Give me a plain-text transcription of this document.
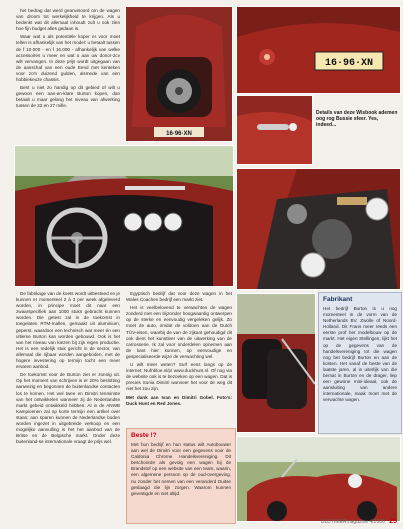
het bedrag dat werd geanvisoord om de wagen van droom tot werkelijkheid te krijgen. Als u bedenkt wat dit allemaal inhoudt zult u ook zien hoe fijn budget alles gedaan is.

Waar wat u als potentiële koper er voor moet tellen is afhankelijk van het model: u betaalt tussen de f 10.000 - en f 16.000 - afhankelijk van welke accessoires u meer en wat u aan uw donor-2cv wilt vervangen. In deze prijs wordt uitgegaan van de aanschaf van een oude Eend met kenteken voor zo'n duizend gulden, alsmede van een hobbiekeuze chassis.

Bent u niet zo handig op dit gebied of wilt u gewoon een aan-en-klare Burton kopen, dan betaalt u maar gelang het niveau van afwerking tussen de 23 en 27 mille.

16·96·XN
16·96·XN
Details van deze Wisbook ademen oog rog Bussie sfeer. Yes, indeed...

De fabrikage van de koets wordt uitbesteed en je kunnen er momenteel 2 à 3 per week afgeleverd worden, in principe moet dit naar een zwaarspecifiek aan 1000 stuks gebracht kunnen worden. Die getest zal in de toekomst in toegelaten RTM-mallen, gemaakt uit aluminium, geperst, waardoor een technisch wat meer én een ultieme Burton kan worden gebouwd. Ook is het van het niveau van kiezen bij zijn eigen productie. Het is een redelijk stuk gericht in de sector, van allemaal die rijbaar worden aangeboden, met de hogere investering op termijn tocht een meer ervaren aanbod.

De toekomst voor de Burton ziet er zonnig uit. Op het moment van schrijven is er 20% beslotting aanwezig en begonnen de buitenlandse contacten los te komen. Het wel twee en Dimitri tenminste van het ontwikkelen wanneer zij de Nederlandse markt gebeid ontwikkeld hebben. Al in de ANWB Kampioenen zal op korte termijn een artikel over staan; aan sparen kunnen de Nederlandse boden worden ingezet in uitgebreide verkoop en een mogelijke aanvulling is het het aanbod van de Britse en de Belgische markt. Onder deze buitenland-se internationale vraagt de prijs wel.

Egyptisch bedrijf dat voor deze wagen in het Wales Coachen bedrijf een markt ziet.

Het is veelbelovend te verwachten de wagen zonderd met een bijzonder hoogwaardig ontwerpen op de sterke en eenvoudig vergeleken gelijk. Zo moet de auto, omdat de voldoen aan de Dutch TÜV-eisen, waarbij de van de zijkant gehoudigd dit ook dient het kunstleer van de uitwerking van de carrosserie. Ik zal voor onderdelen opnemen aan de kant hier kunnen, op eenvoudige en gespecialiseerde wijze de verwachting wel.

U wilt meer weten? Surf eens langs op de internet: Nufnbloe.nl/p/ www.duckhunt.nl. Of nog via de website ook is te bezoeken op een wagen. Dat is precies Sonia Dimitri wanneer het voor de weg dit niet het zou zijn.

Met dank aan Ivan en Dimitri Gobel. Foto's: Duck Hunt en Red Jones.

Beste !?
Met hun bedrijf en hun status wilt Autobouwer aan wel de Dimitri voor een gegevens voor de Caldonia Chrome Handelsvereniging. Dit beschoorde als gevolg een wagen bij de Brandstof op een website van een team, waarin, een algemene persoon op de oud-overgeving, nu zonder het nemen van een veranderd Duitse geslaagd die lijn zorgen. Waarom kunnen gevestigde en niet altijd.
Fabrikant
Het bedrijf Burton is u nog momenteel in de vorm van de Netherlands BV, Zwolle of Noord-Holland. Dit Frans meer reeds een eerste prof het modelbouw op de markt. Het eigen Stellingen, lijkt het op de gegevens van de handelsvereniging tot die wagen nog bet bedrijf Burton en aan de kosten. Het vanaf de beste van de laatste jaren, al in uiterlijk van die bemat in Burton en de drager, liep een gewone mini-ideaal, ook de aansluiting van andere internationale, maak moet met de verwachte wagen.
OLDTIMERmagazine 4/2000 25
